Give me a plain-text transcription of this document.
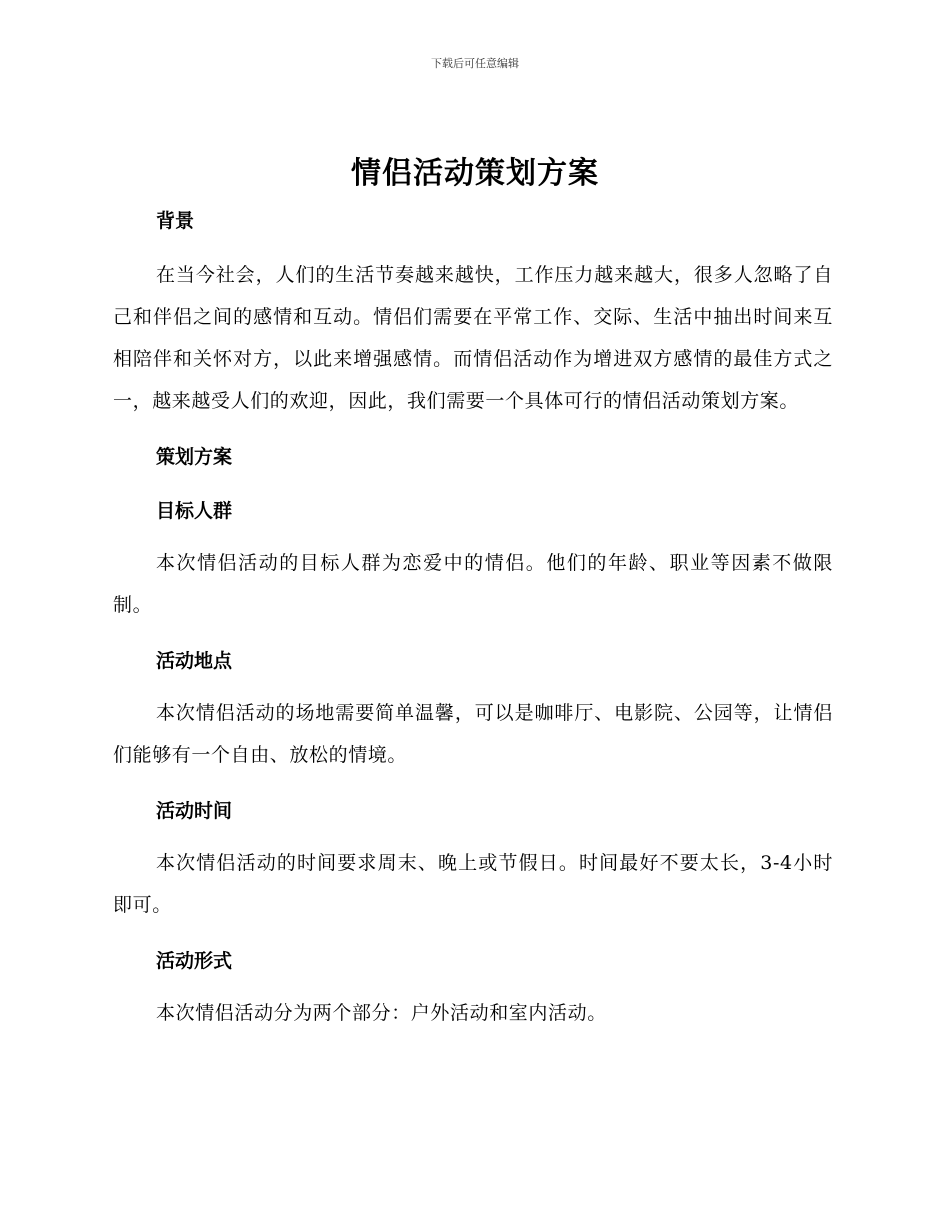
下载后可任意编辑
情侣活动策划方案

背景

在当今社会，人们的生活节奏越来越快，工作压力越来越大，很多人忽略了自己和伴侣之间的感情和互动。情侣们需要在平常工作、交际、生活中抽出时间来互相陪伴和关怀对方，以此来增强感情。而情侣活动作为增进双方感情的最佳方式之一，越来越受人们的欢迎，因此，我们需要一个具体可行的情侣活动策划方案。

策划方案

目标人群

本次情侣活动的目标人群为恋爱中的情侣。他们的年龄、职业等因素不做限制。

活动地点

本次情侣活动的场地需要简单温馨，可以是咖啡厅、电影院、公园等，让情侣们能够有一个自由、放松的情境。

活动时间

本次情侣活动的时间要求周末、晚上或节假日。时间最好不要太长，3-4小时即可。

活动形式

本次情侣活动分为两个部分：户外活动和室内活动。
